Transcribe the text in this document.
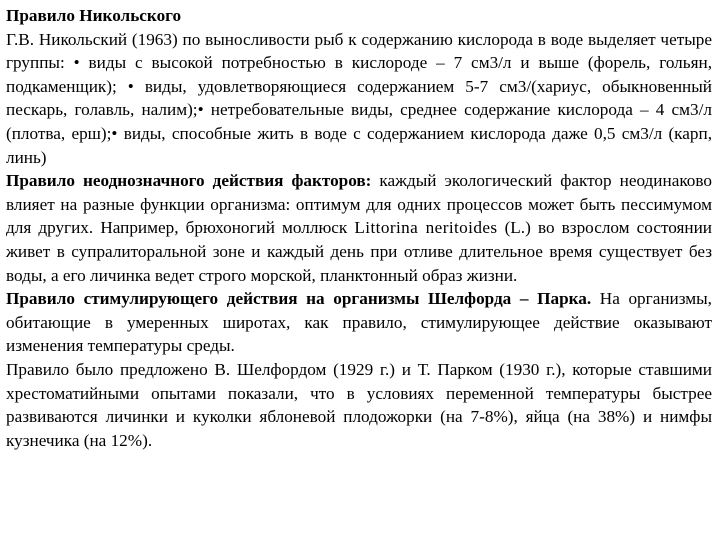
Правило Никольского

Г.В. Никольский (1963) по выносливости рыб к содержанию кислорода в воде выделяет четыре группы: • виды с высокой потребностью в кислороде – 7 см3/л и выше (форель, гольян, подкаменщик); • виды, удовлетворяющиеся содержанием 5-7 см3/(хариус, обыкновенный пескарь, голавль, налим);• нетребовательные виды, среднее содержание кислорода – 4 см3/л (плотва, ерш);• виды, способные жить в воде с содержанием кислорода даже 0,5 см3/л (карп, линь)

Правило неоднозначного действия факторов: каждый экологический фактор неодинаково влияет на разные функции организма: оптимум для одних процессов может быть пессимумом для других. Например, брюхоногий моллюск Littorina neritoides (L.) во взрослом состоянии живет в супралиторальной зоне и каждый день при отливе длительное время существует без воды, а его личинка ведет строго морской, планктонный образ жизни.

Правило стимулирующего действия на организмы Шелфорда – Парка. На организмы, обитающие в умеренных широтах, как правило, стимулирующее действие оказывают изменения температуры среды.

Правило было предложено В. Шелфордом (1929 г.) и Т. Парком (1930 г.), которые ставшими хрестоматийными опытами показали, что в условиях переменной температуры быстрее развиваются личинки и куколки яблоневой плодожорки (на 7-8%), яйца (на 38%) и нимфы кузнечика (на 12%).
